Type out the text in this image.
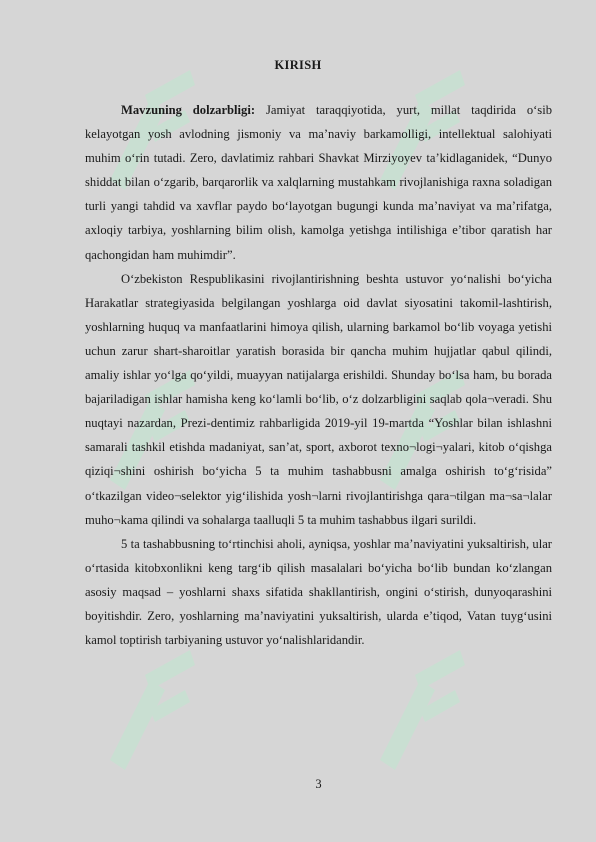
KIRISH

Mavzuning dolzarbligi: Jamiyat taraqqiyotida, yurt, millat taqdirida o‘sib kelayotgan yosh avlodning jismoniy va ma’naviy barkamolligi, intellektual salohiyati muhim o‘rin tutadi. Zero, davlatimiz rahbari Shavkat Mirziyoyev ta’kidlaganidek, “Dunyo shiddat bilan o‘zgarib, barqarorlik va xalqlarning mustahkam rivojlanishiga raxna soladigan turli yangi tahdid va xavflar paydo bo‘layotgan bugungi kunda ma’naviyat va ma’rifatga, axloqiy tarbiya, yoshlarning bilim olish, kamolga yetishga intilishiga e’tibor qaratish har qachongidan ham muhimdir”.

O‘zbekiston Respublikasini rivojlantirishning beshta ustuvor yo‘nalishi bo‘yicha Harakatlar strategiyasida belgilangan yoshlarga oid davlat siyosatini takomil-lashtirish, yoshlarning huquq va manfaatlarini himoya qilish, ularning barkamol bo‘lib voyaga yetishi uchun zarur shart-sharoitlar yaratish borasida bir qancha muhim hujjatlar qabul qilindi, amaliy ishlar yo‘lga qo‘yildi, muayyan natijalarga erishildi. Shunday bo‘lsa ham, bu borada bajariladigan ishlar hamisha keng ko‘lamli bo‘lib, o‘z dolzarbligini saqlab qola¬veradi. Shu nuqtayi nazardan, Prezi-dentimiz rahbarligida 2019-yil 19-martda “Yoshlar bilan ishlashni samarali tashkil etishda madaniyat, san’at, sport, axborot texno¬logi¬yalari, kitob o‘qishga qiziqi¬shini oshirish bo‘yicha 5 ta muhim tashabbusni amalga oshirish to‘g‘risida” o‘tkazilgan video¬selektor yig‘ilishida yosh¬larni rivojlantirishga qara¬tilgan ma¬sa¬lalar muho¬kama qilindi va sohalarga taalluqli 5 ta muhim tashabbus ilgari surildi.

5 ta tashabbusning to‘rtinchisi aholi, ayniqsa, yoshlar ma’naviyatini yuksaltirish, ular o‘rtasida kitobxonlikni keng targ‘ib qilish masalalari bo‘yicha bo‘lib bundan ko‘zlangan asosiy maqsad – yoshlarni shaxs sifatida shakllantirish, ongini o‘stirish, dunyoqarashini boyitishdir. Zero, yoshlarning ma’naviyatini yuksaltirish, ularda e’tiqod, Vatan tuyg‘usini kamol toptirish tarbiyaning ustuvor yo‘nalishlaridandir.

3
